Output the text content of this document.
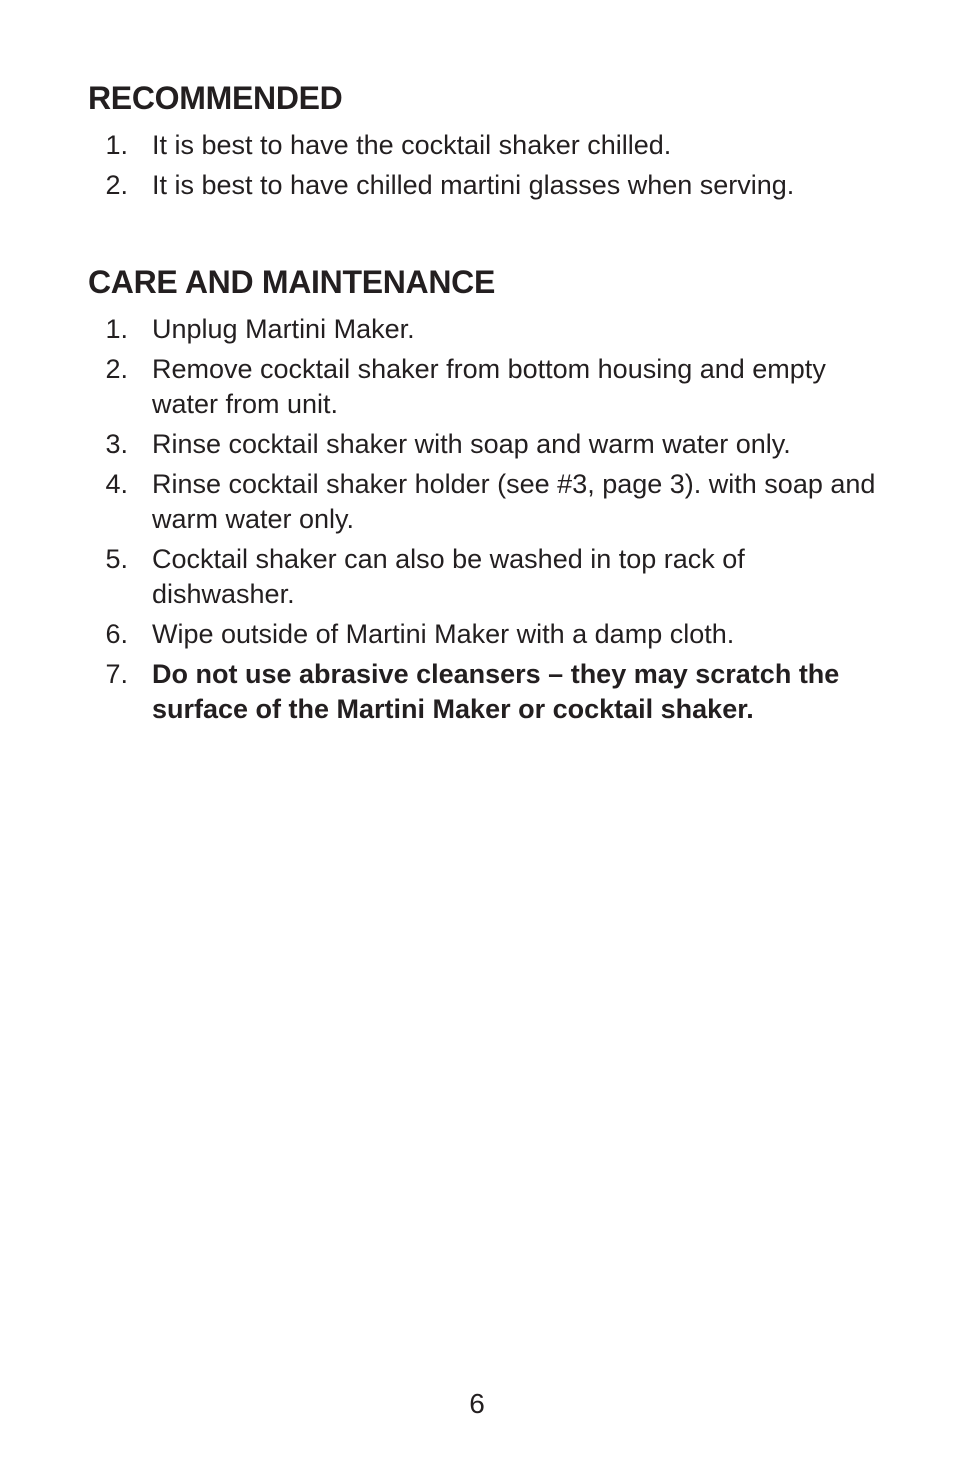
RECOMMENDED
1. It is best to have the cocktail shaker chilled.
2. It is best to have chilled martini glasses when serving.
CARE AND MAINTENANCE
1. Unplug Martini Maker.
2. Remove cocktail shaker from bottom housing and empty water from unit.
3. Rinse cocktail shaker with soap and warm water only.
4. Rinse cocktail shaker holder (see #3, page 3). with soap and warm water only.
5. Cocktail shaker can also be washed in top rack of dishwasher.
6. Wipe outside of Martini Maker with a damp cloth.
7. Do not use abrasive cleansers – they may scratch the surface of the Martini Maker or cocktail shaker.
6
